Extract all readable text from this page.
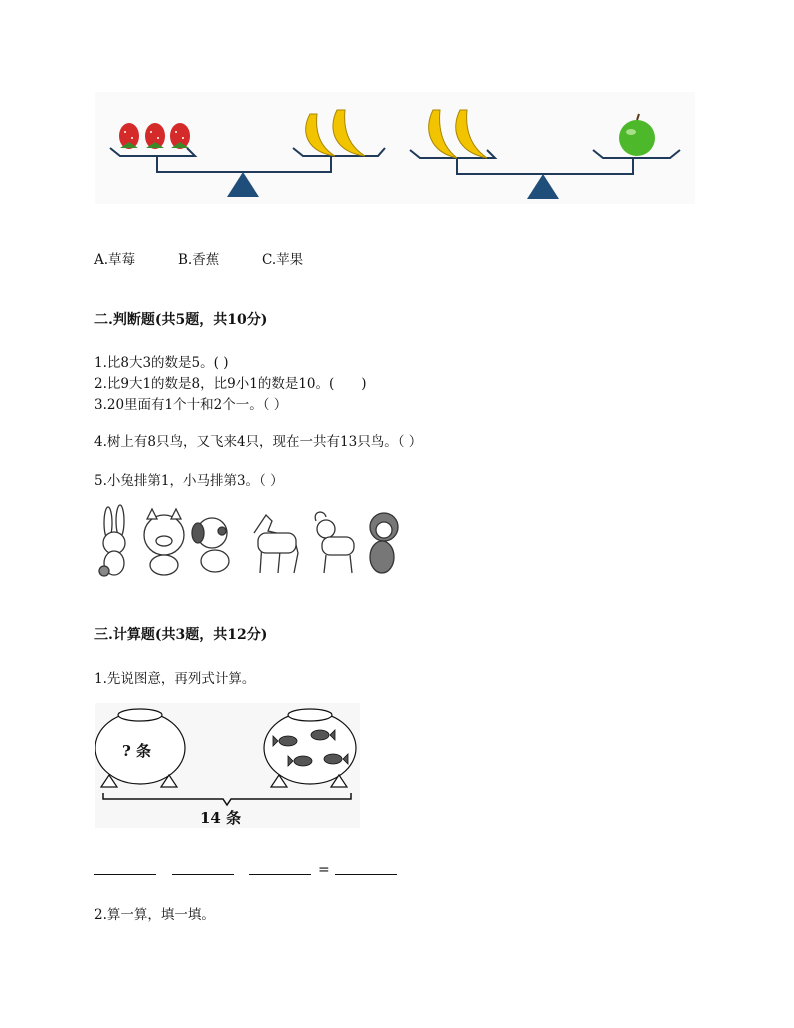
A.草莓	B.香蕉	C.苹果
二.判断题(共5题，共10分)
1.比8大3的数是5。( )
2.比9大1的数是8，比9小1的数是10。(　　)
3.20里面有1个十和2个一。（ ）
4.树上有8只鸟，又飞来4只，现在一共有13只鸟。（ ）
5.小兔排第1，小马排第3。（ ）
三.计算题(共3题，共12分)
1.先说图意，再列式计算。
? 条
14 条
=
2.算一算，填一填。
